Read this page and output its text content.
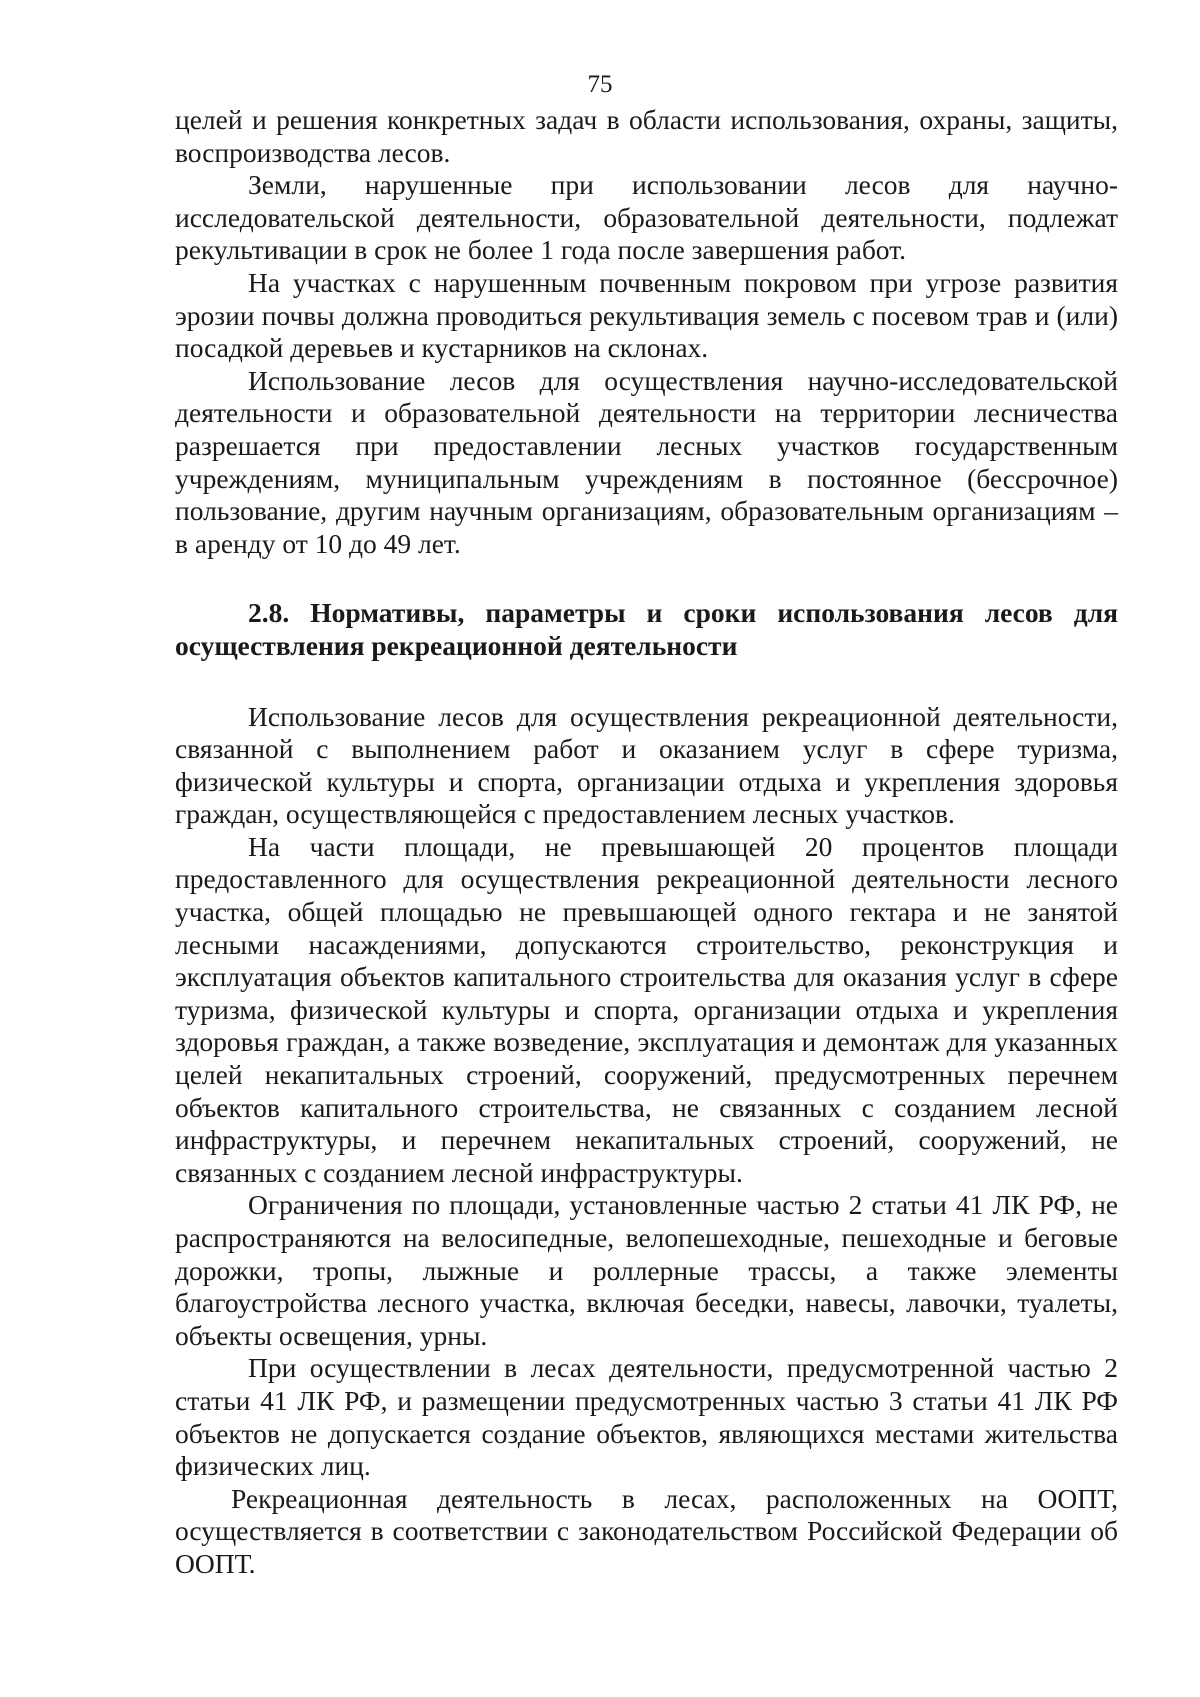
75

целей и решения конкретных задач в области использования, охраны, защиты, воспроизводства лесов.

Земли, нарушенные при использовании лесов для научно-исследовательской деятельности, образовательной деятельности, подлежат рекультивации в срок не более 1 года после завершения работ.

На участках с нарушенным почвенным покровом при угрозе развития эрозии почвы должна проводиться рекультивация земель с посевом трав и (или) посадкой деревьев и кустарников на склонах.

Использование лесов для осуществления научно-исследовательской деятельности и образовательной деятельности на территории лесничества разрешается при предоставлении лесных участков государственным учреждениям, муниципальным учреждениям в постоянное (бессрочное) пользование, другим научным организациям, образовательным организациям – в аренду от 10 до 49 лет.

2.8. Нормативы, параметры и сроки использования лесов для осуществления рекреационной деятельности

Использование лесов для осуществления рекреационной деятельности, связанной с выполнением работ и оказанием услуг в сфере туризма, физической культуры и спорта, организации отдыха и укрепления здоровья граждан, осуществляющейся с предоставлением лесных участков.

На части площади, не превышающей 20 процентов площади предоставленного для осуществления рекреационной деятельности лесного участка, общей площадью не превышающей одного гектара и не занятой лесными насаждениями, допускаются строительство, реконструкция и эксплуатация объектов капитального строительства для оказания услуг в сфере туризма, физической культуры и спорта, организации отдыха и укрепления здоровья граждан, а также возведение, эксплуатация и демонтаж для указанных целей некапитальных строений, сооружений, предусмотренных перечнем объектов капитального строительства, не связанных с созданием лесной инфраструктуры, и перечнем некапитальных строений, сооружений, не связанных с созданием лесной инфраструктуры.

Ограничения по площади, установленные частью 2 статьи 41 ЛК РФ, не распространяются на велосипедные, велопешеходные, пешеходные и беговые дорожки, тропы, лыжные и роллерные трассы, а также элементы благоустройства лесного участка, включая беседки, навесы, лавочки, туалеты, объекты освещения, урны.

При осуществлении в лесах деятельности, предусмотренной частью 2 статьи 41 ЛК РФ, и размещении предусмотренных частью 3 статьи 41 ЛК РФ объектов не допускается создание объектов, являющихся местами жительства физических лиц.

Рекреационная деятельность в лесах, расположенных на ООПТ, осуществляется в соответствии с законодательством Российской Федерации об ООПТ.
